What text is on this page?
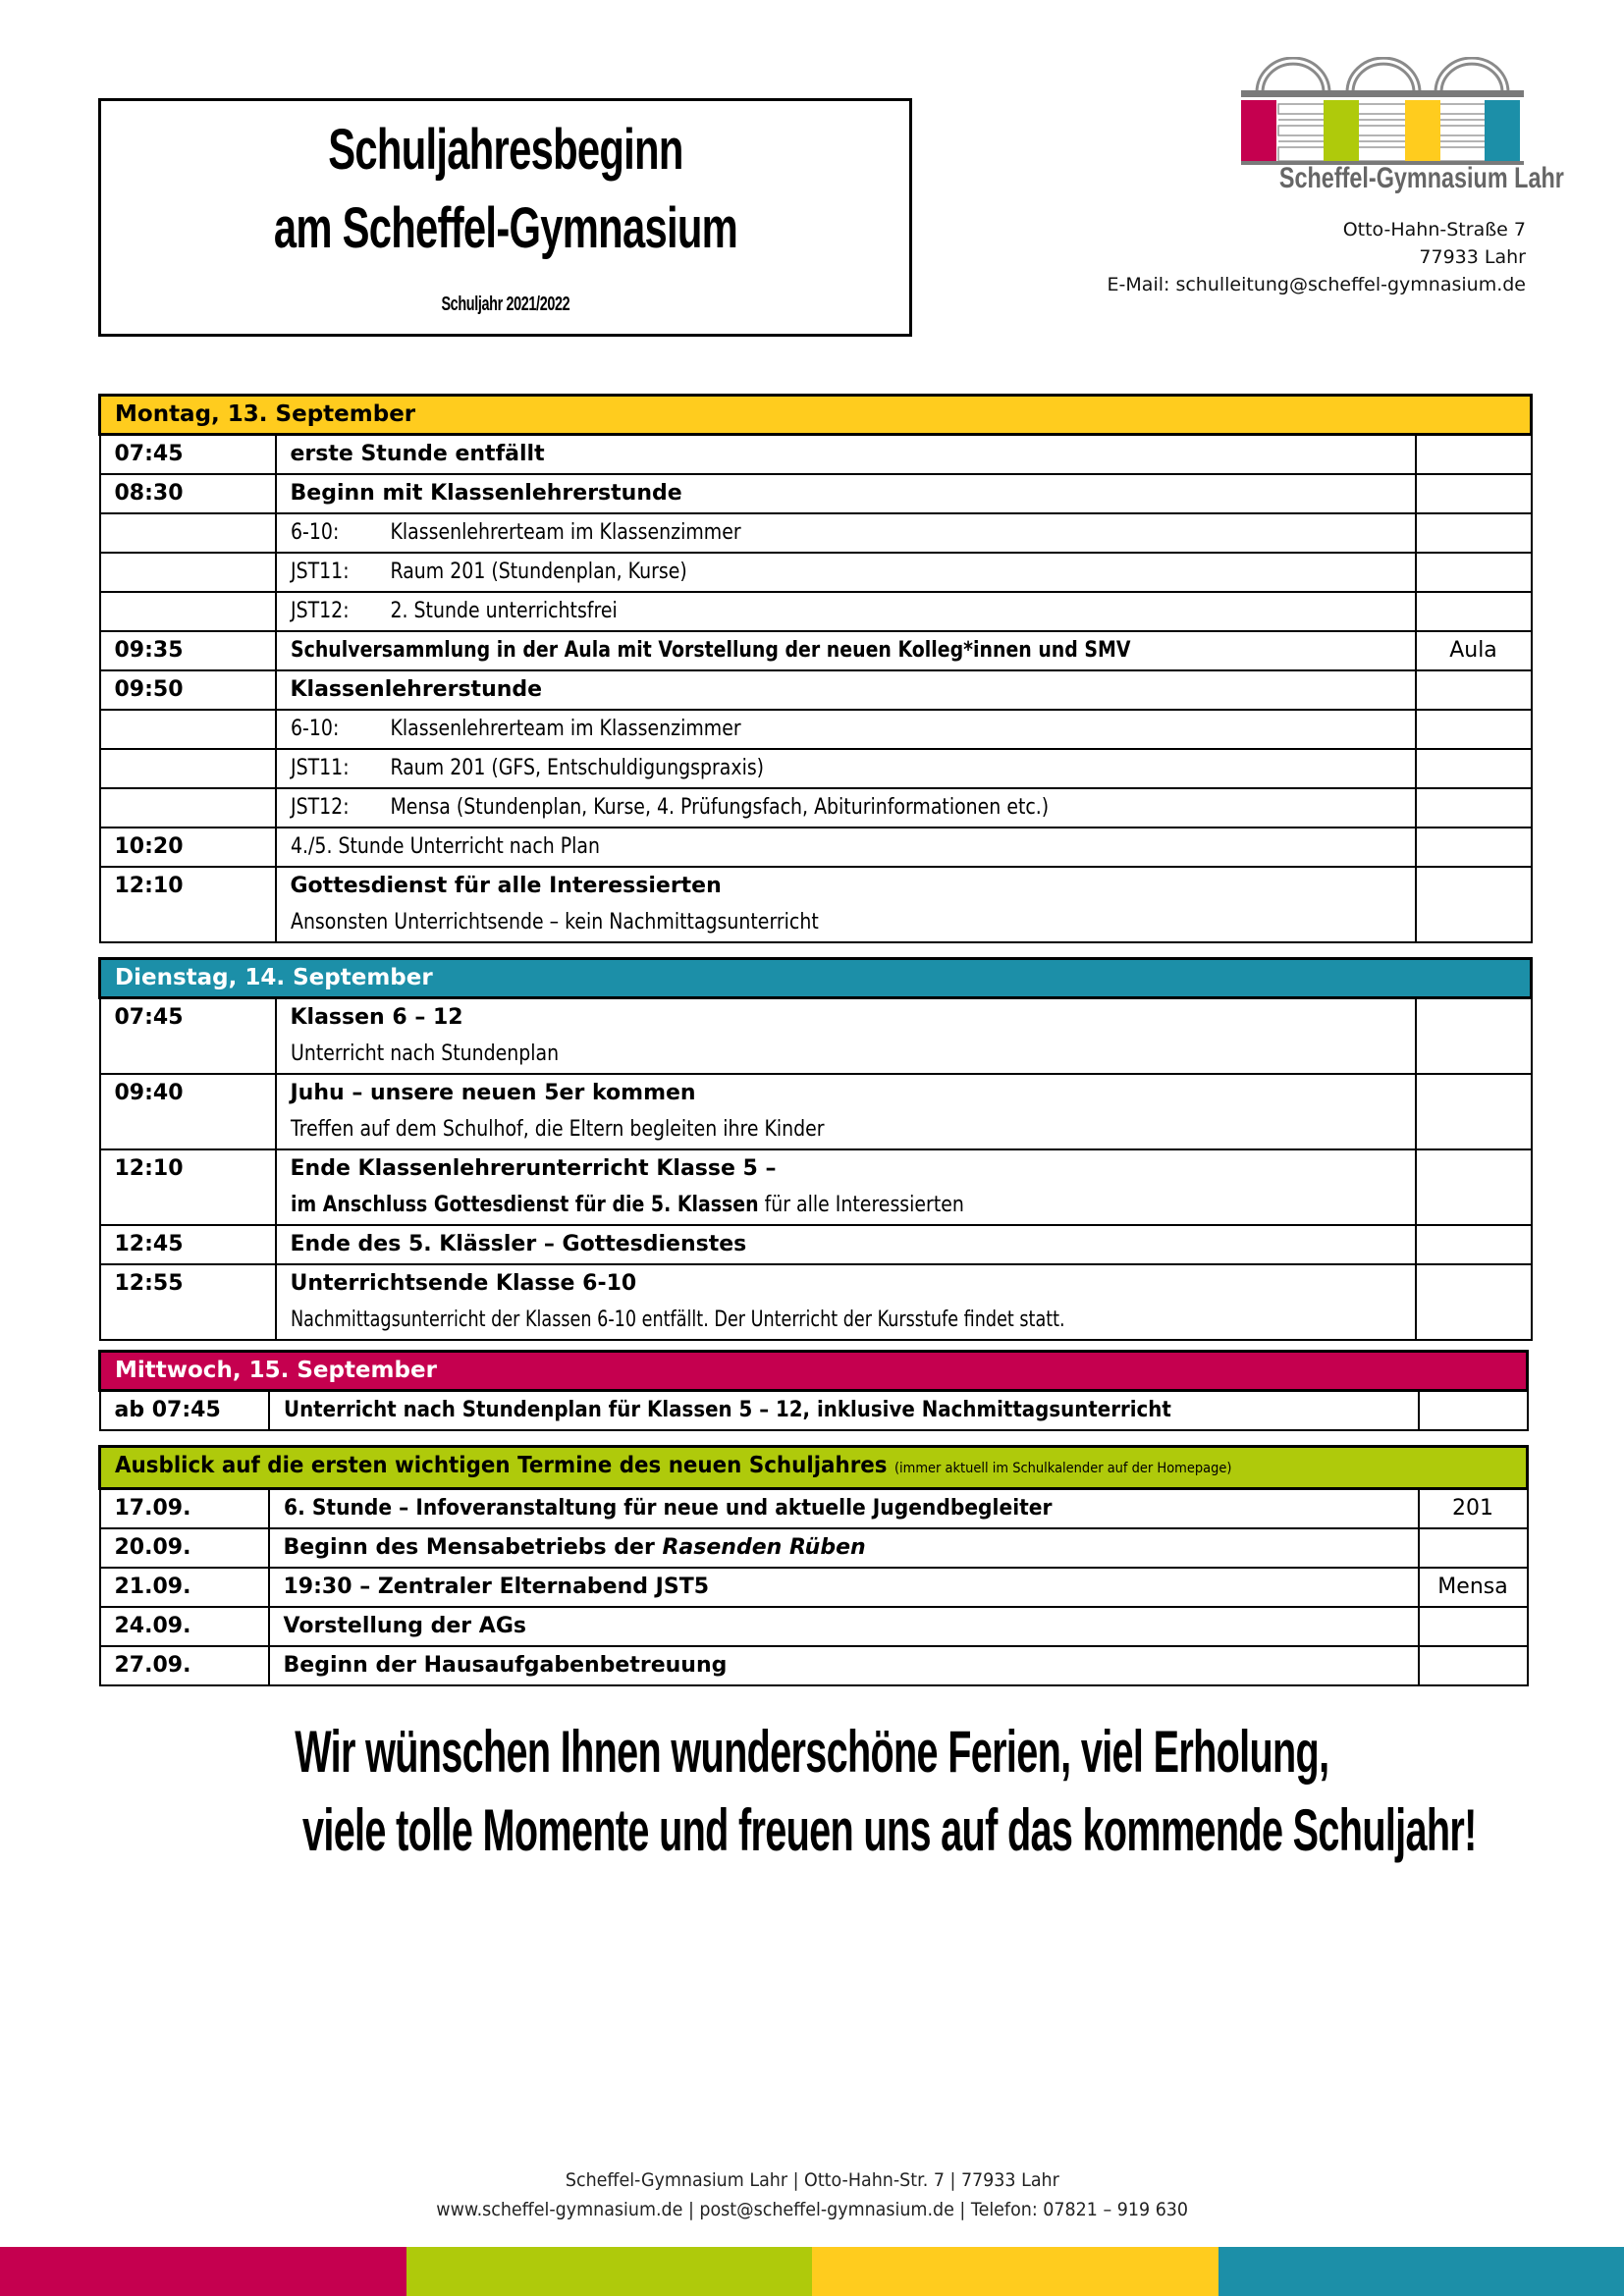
Schuljahresbeginn
am Scheffel-Gymnasium
Schuljahr 2021/2022
Scheffel-Gymnasium Lahr
Otto-Hahn-Straße 7
77933 Lahr
E-Mail: schulleitung@scheffel-gymnasium.de
Montag, 13. September		
07:45	erste Stunde entfällt	
08:30	Beginn mit Klassenlehrerstunde	
	6-10: Klassenlehrerteam im Klassenzimmer	
	JST11: Raum 201 (Stundenplan, Kurse)	
	JST12: 2. Stunde unterrichtsfrei	
09:35	Schulversammlung in der Aula mit Vorstellung der neuen Kolleg*innen und SMV	Aula
09:50	Klassenlehrerstunde	
	6-10: Klassenlehrerteam im Klassenzimmer	
	JST11: Raum 201 (GFS, Entschuldigungspraxis)	
	JST12: Mensa (Stundenplan, Kurse, 4. Prüfungsfach, Abiturinformationen etc.)	
10:20	4./5. Stunde Unterricht nach Plan	
12:10	Gottesdienst für alle Interessierten
Ansonsten Unterrichtsende – kein Nachmittagsunterricht	

Dienstag, 14. September		
07:45	Klassen 6 – 12
Unterricht nach Stundenplan	

09:40	Juhu – unsere neuen 5er kommen
Treffen auf dem Schulhof, die Eltern begleiten ihre Kinder	

12:10	Ende Klassenlehrerunterricht Klasse 5 –
im Anschluss Gottesdienst für die 5. Klassen für alle Interessierten	

12:45	Ende des 5. Klässler – Gottesdienstes	
12:55	Unterrichtsende Klasse 6-10
Nachmittagsunterricht der Klassen 6-10 entfällt. Der Unterricht der Kursstufe findet statt.	

Mittwoch, 15. September
ab 07:45	Unterricht nach Stundenplan für Klassen 5 – 12, inklusive Nachmittagsunterricht	
Ausblick auf die ersten wichtigen Termine des neuen Schuljahres (immer aktuell im Schulkalender auf der Homepage)		
17.09.	6. Stunde – Infoveranstaltung für neue und aktuelle Jugendbegleiter	201
20.09.	Beginn des Mensabetriebs der Rasenden Rüben	
21.09.	19:30 – Zentraler Elternabend JST5	Mensa
24.09.	Vorstellung der AGs	
27.09.	Beginn der Hausaufgabenbetreuung	
Wir wünschen Ihnen wunderschöne Ferien, viel Erholung,
viele tolle Momente und freuen uns auf das kommende Schuljahr!
Scheffel-Gymnasium Lahr | Otto-Hahn-Str. 7 | 77933 Lahr
www.scheffel-gymnasium.de | post@scheffel-gymnasium.de | Telefon: 07821 – 919 630
